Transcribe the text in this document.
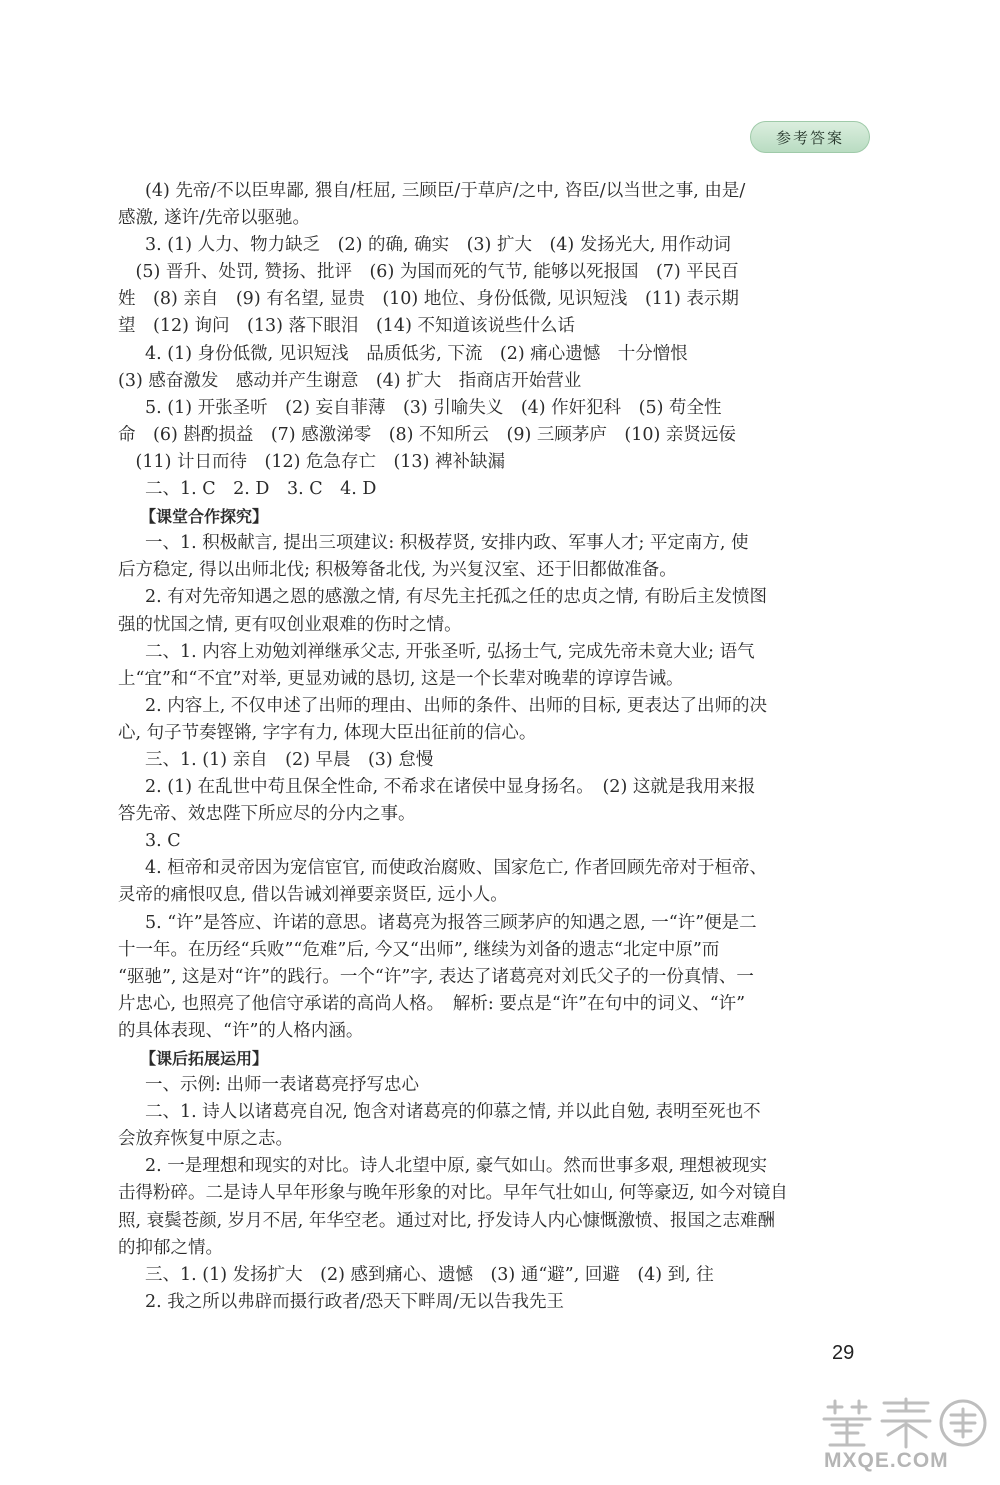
参考答案
(4) 先帝/不以臣卑鄙, 猥自/枉屈, 三顾臣/于草庐/之中, 咨臣/以当世之事, 由是/
感激, 遂许/先帝以驱驰。
3. (1) 人力、物力缺乏　(2) 的确, 确实　(3) 扩大　(4) 发扬光大, 用作动词
　(5) 晋升、处罚, 赞扬、批评　(6) 为国而死的气节, 能够以死报国　(7) 平民百
姓　(8) 亲自　(9) 有名望, 显贵　(10) 地位、身份低微, 见识短浅　(11) 表示期
望　(12) 询问　(13) 落下眼泪　(14) 不知道该说些什么话
4. (1) 身份低微, 见识短浅　品质低劣, 下流　(2) 痛心遗憾　十分憎恨
(3) 感奋激发　感动并产生谢意　(4) 扩大　指商店开始营业
5. (1) 开张圣听　(2) 妄自菲薄　(3) 引喻失义　(4) 作奸犯科　(5) 苟全性
命　(6) 斟酌损益　(7) 感激涕零　(8) 不知所云　(9) 三顾茅庐　(10) 亲贤远佞
　(11) 计日而待　(12) 危急存亡　(13) 裨补缺漏
二、1. C　2. D　3. C　4. D
【课堂合作探究】
一、1. 积极献言, 提出三项建议: 积极荐贤, 安排内政、军事人才; 平定南方, 使
后方稳定, 得以出师北伐; 积极筹备北伐, 为兴复汉室、还于旧都做准备。
2. 有对先帝知遇之恩的感激之情, 有尽先主托孤之任的忠贞之情, 有盼后主发愤图
强的忧国之情, 更有叹创业艰难的伤时之情。
二、1. 内容上劝勉刘禅继承父志, 开张圣听, 弘扬士气, 完成先帝未竟大业; 语气
上“宜”和“不宜”对举, 更显劝诫的恳切, 这是一个长辈对晚辈的谆谆告诫。
2. 内容上, 不仅申述了出师的理由、出师的条件、出师的目标, 更表达了出师的决
心, 句子节奏铿锵, 字字有力, 体现大臣出征前的信心。
三、1. (1) 亲自　(2) 早晨　(3) 怠慢
2. (1) 在乱世中苟且保全性命, 不希求在诸侯中显身扬名。　(2) 这就是我用来报
答先帝、效忠陛下所应尽的分内之事。
3. C
4. 桓帝和灵帝因为宠信宦官, 而使政治腐败、国家危亡, 作者回顾先帝对于桓帝、
灵帝的痛恨叹息, 借以告诫刘禅要亲贤臣, 远小人。
5. “许”是答应、许诺的意思。诸葛亮为报答三顾茅庐的知遇之恩, 一“许”便是二
十一年。在历经“兵败”“危难”后, 今又“出师”, 继续为刘备的遗志“北定中原”而
“驱驰”, 这是对“许”的践行。一个“许”字, 表达了诸葛亮对刘氏父子的一份真情、一
片忠心, 也照亮了他信守承诺的高尚人格。　解析: 要点是“许”在句中的词义、“许”
的具体表现、“许”的人格内涵。
【课后拓展运用】
一、示例: 出师一表诸葛亮抒写忠心
二、1. 诗人以诸葛亮自况, 饱含对诸葛亮的仰慕之情, 并以此自勉, 表明至死也不
会放弃恢复中原之志。
2. 一是理想和现实的对比。诗人北望中原, 豪气如山。然而世事多艰, 理想被现实
击得粉碎。二是诗人早年形象与晚年形象的对比。早年气壮如山, 何等豪迈, 如今对镜自
照, 衰鬓苍颜, 岁月不居, 年华空老。通过对比, 抒发诗人内心慷慨激愤、报国之志难酬
的抑郁之情。
三、1. (1) 发扬扩大　(2) 感到痛心、遗憾　(3) 通“避”, 回避　(4) 到, 往
2. 我之所以弗辟而摄行政者/恐天下畔周/无以告我先王
29
MXQE.COM
